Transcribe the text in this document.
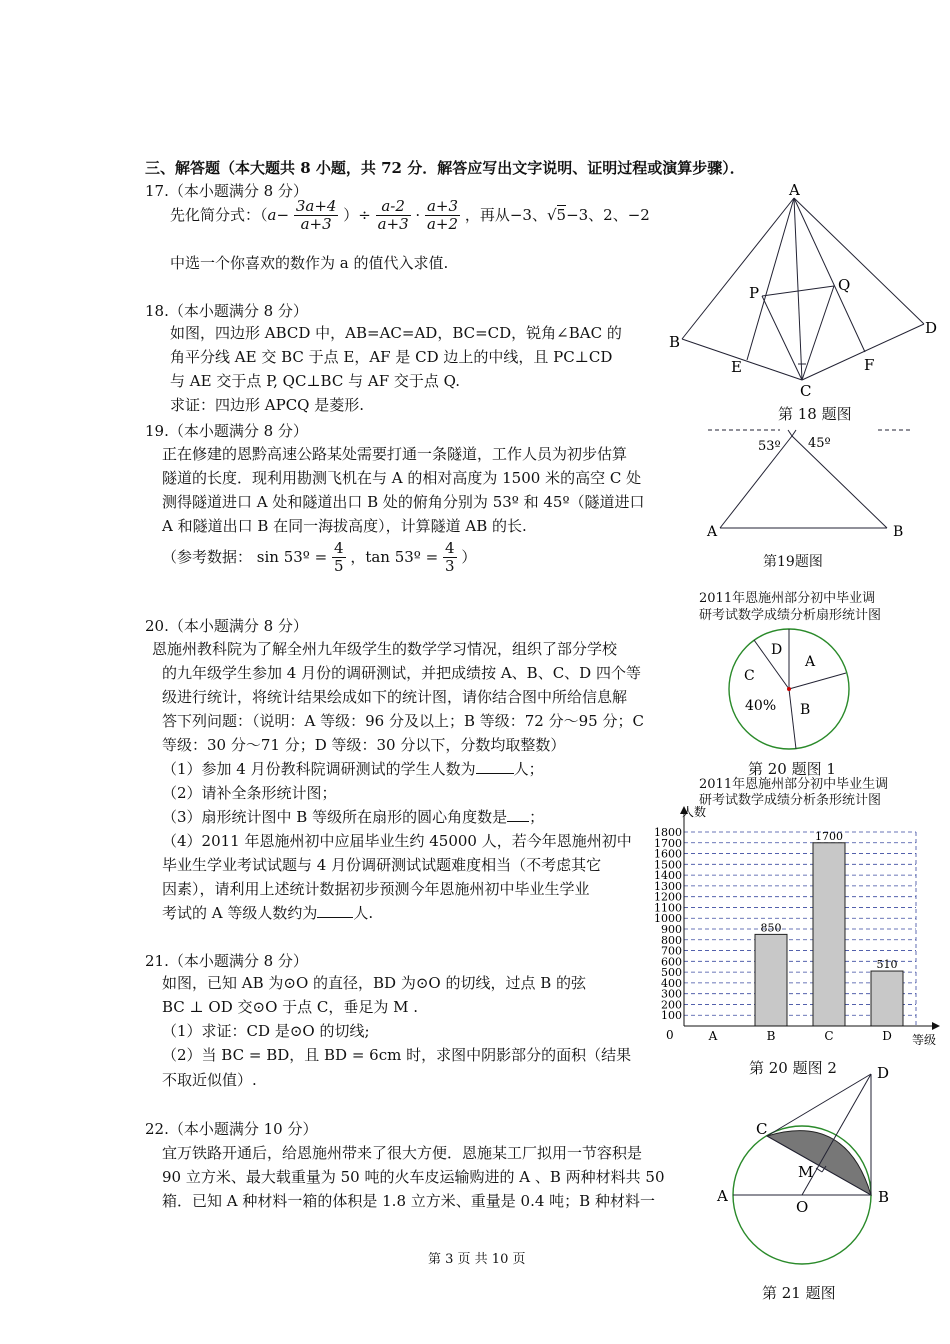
三、解答题（本大题共 8 小题，共 72 分．解答应写出文字说明、证明过程或演算步骤）．
17.（本小题满分 8 分）
先化简分式：（$a- \frac{3a+4}{a+3}$ ）÷ $\frac{a-2}{a+3} \cdot \frac{a+3}{a+2}$ ，再从−3、√5−3、2、−2
中选一个你喜欢的数作为 a 的值代入求值.
18.（本小题满分 8 分）
如图，四边形 ABCD 中，AB=AC=AD，BC=CD，锐角∠BAC 的
角平分线 AE 交 BC 于点 E，AF 是 CD 边上的中线，且 PC⊥CD
与 AE 交于点 P, QC⊥BC 与 AF 交于点 Q.
求证：四边形 APCQ 是菱形.
A
B
C
D
E	F
P	Q
第 18 题图
19.（本小题满分 8 分）
正在修建的恩黔高速公路某处需要打通一条隧道，工作人员为初步估算
隧道的长度．现利用勘测飞机在与 A 的相对高度为 1500 米的高空 C 处
测得隧道进口 A 处和隧道出口 B 处的俯角分别为 53º 和 45º（隧道进口
A 和隧道出口 B 在同一海拔高度），计算隧道 AB 的长.
（参考数据： sin 53º = $\frac{4}{5}$ ，tan 53º = $\frac{4}{3}$ ）
53º 45º
A	B
第19题图
20.（本小题满分 8 分）
恩施州教科院为了解全州九年级学生的数学学习情况，组织了部分学校
的九年级学生参加 4 月份的调研测试，并把成绩按 A、B、C、D 四个等
级进行统计，将统计结果绘成如下的统计图，请你结合图中所给信息解
答下列问题：（说明：A 等级：96 分及以上；B 等级：72 分～95 分；C
等级：30 分～71 分；D 等级：30 分以下，分数均取整数）
（1）参加 4 月份教科院调研测试的学生人数为	人；
（2）请补全条形统计图；
（3）扇形统计图中 B 等级所在扇形的圆心角度数是 ；
（4）2011 年恩施州初中应届毕业生约 45000 人，若今年恩施州初中
毕业生学业考试试题与 4 月份调研测试试题难度相当（不考虑其它
因素），请利用上述统计数据初步预测今年恩施州初中毕业生学业
考试的 A 等级人数约为 人.
2011年恩施州部分初中毕业调
研考试数学成绩分析扇形统计图
A
B
C
D
40%
第 20 题图 1
2011年恩施州部分初中毕业生调
研考试数学成绩分析条形统计图
100
200
300
400
500
600
700
800
900
1000
1100
1200
1300
1400
1500
1600
1700
1800
850
1700
510
A	B	C	D
人数
等级
0
第 20 题图 2
21.（本小题满分 8 分）
如图，已知 AB 为⊙O 的直径，BD 为⊙O 的切线，过点 B 的弦
BC ⊥ OD 交⊙O 于点 C，垂足为 M .
（1）求证：CD 是⊙O 的切线;
（2）当 BC = BD，且 BD = 6cm 时，求图中阴影部分的面积（结果
不取近似值）.	D
C
M
A	B
O
第 21 题图
22.（本小题满分 10 分）
宜万铁路开通后，给恩施州带来了很大方便．恩施某工厂拟用一节容积是
90 立方米、最大载重量为 50 吨的火车皮运输购进的 A 、B 两种材料共 50
箱．已知 A 种材料一箱的体积是 1.8 立方米、重量是 0.4 吨；B 种材料一
第 3 页 共 10 页
